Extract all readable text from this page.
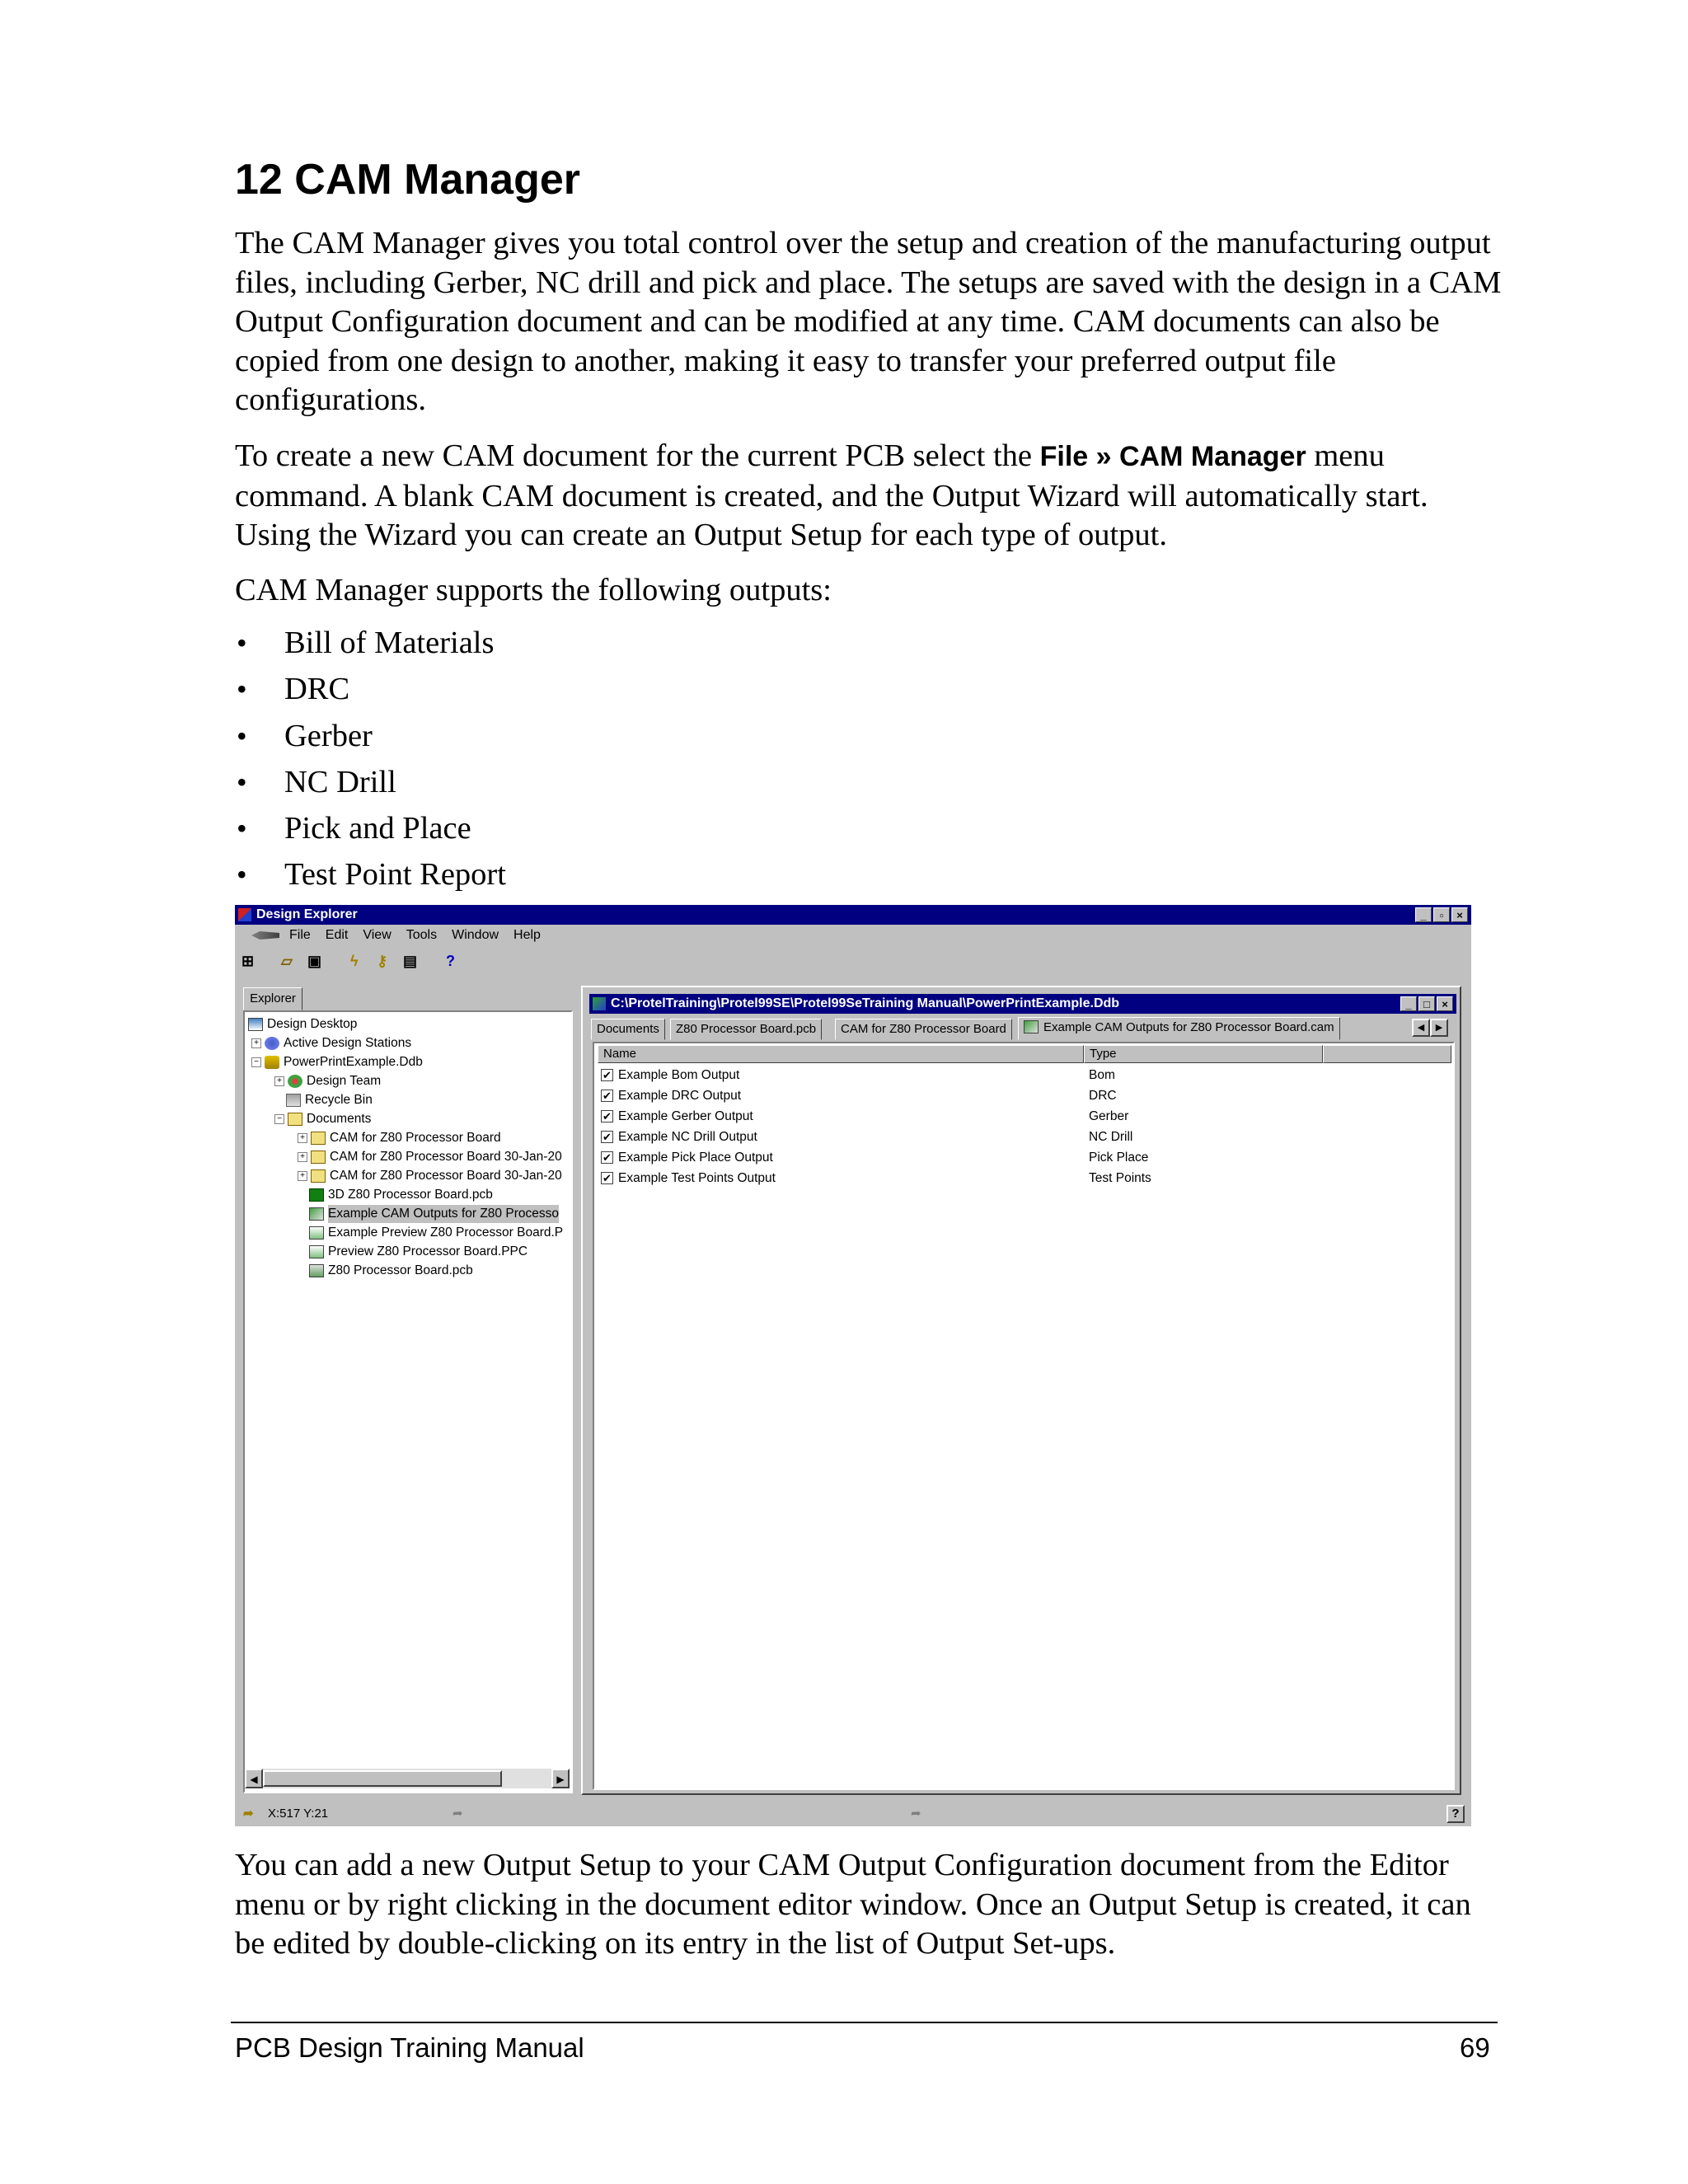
12 CAM Manager

The CAM Manager gives you total control over the setup and creation of the manufacturing output files, including Gerber, NC drill and pick and place. The setups are saved with the design in a CAM Output Configuration document and can be modified at any time. CAM documents can also be copied from one design to another, making it easy to transfer your preferred output file configurations.

To create a new CAM document for the current PCB select the File » CAM Manager menu command. A blank CAM document is created, and the Output Wizard will automatically start. Using the Wizard you can create an Output Setup for each type of output.

CAM Manager supports the following outputs:

• Bill of Materials
• DRC
• Gerber
• NC Drill
• Pick and Place
• Test Point Report
Design Explorer	_	▫	×
File Edit View Tools Window Help
⊞ ▱ ▣ ϟ ⚷ ▤ ?
Explorer
Design Desktop
+ Active Design Stations
− PowerPrintExample.Ddb
+ Design Team
Recycle Bin
− Documents
+ CAM for Z80 Processor Board
+ CAM for Z80 Processor Board 30-Jan-20
+ CAM for Z80 Processor Board 30-Jan-20
3D Z80 Processor Board.pcb
Example CAM Outputs for Z80 Processo
Example Preview Z80 Processor Board.P
Preview Z80 Processor Board.PPC
Z80 Processor Board.pcb
◀	▶
C:\ProtelTraining\Protel99SE\Protel99SeTraining Manual\PowerPrintExample.Ddb	_	□	×
Documents	Z80 Processor Board.pcb	CAM for Z80 Processor Board	Example CAM Outputs for Z80 Processor Board.cam	◀	▶
Name	Type
✔ Example Bom Output	Bom
✔ Example DRC Output	DRC
✔ Example Gerber Output	Gerber
✔ Example NC Drill Output	NC Drill
✔ Example Pick Place Output	Pick Place
✔ Example Test Points Output	Test Points
➦ X:517 Y:21	➦	➦	?

You can add a new Output Setup to your CAM Output Configuration document from the Editor menu or by right clicking in the document editor window. Once an Output Setup is created, it can be edited by double-clicking on its entry in the list of Output Set-ups.

PCB Design Training Manual	69
